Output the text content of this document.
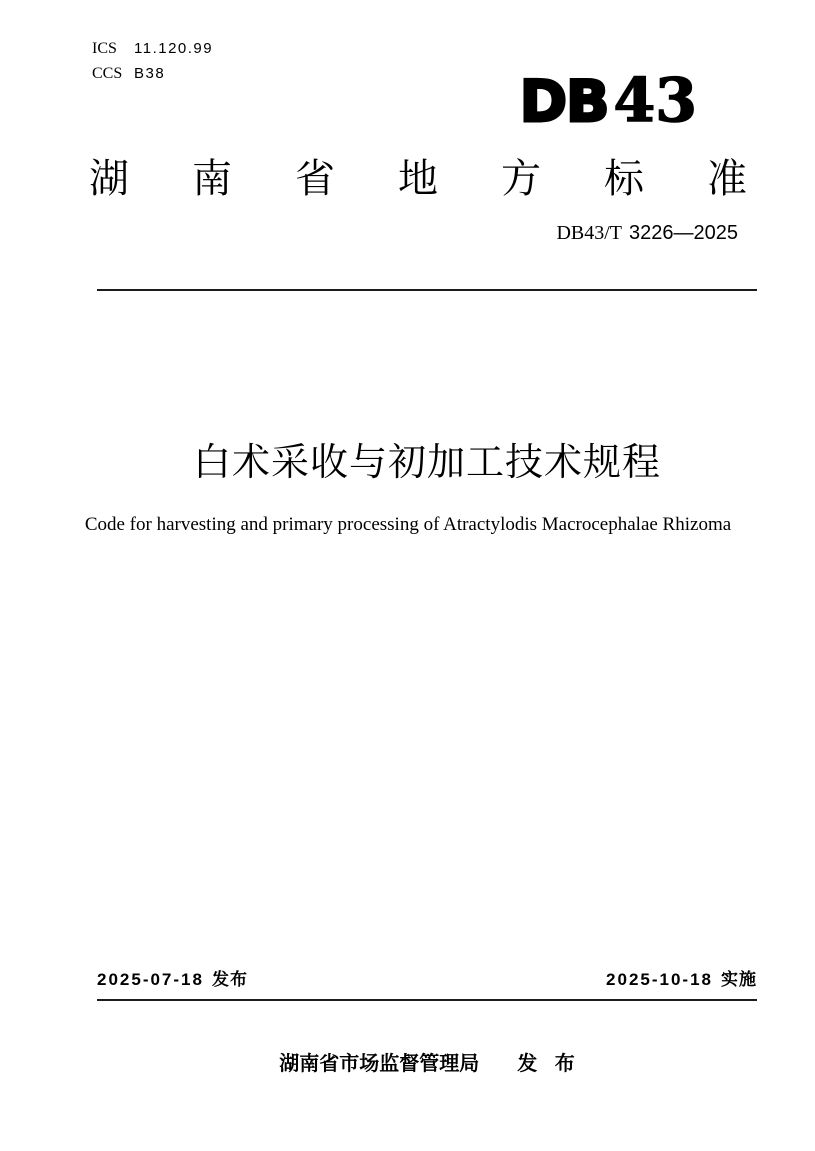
ICS 11.120.99
CCS B38	DB43
湖南省地方标准
DB43/T 3226—2025
白术采收与初加工技术规程
Code for harvesting and primary processing of Atractylodis Macrocephalae Rhizoma
2025-07-18 发布	2025-10-18 实施
湖南省市场监督管理局 发 布
